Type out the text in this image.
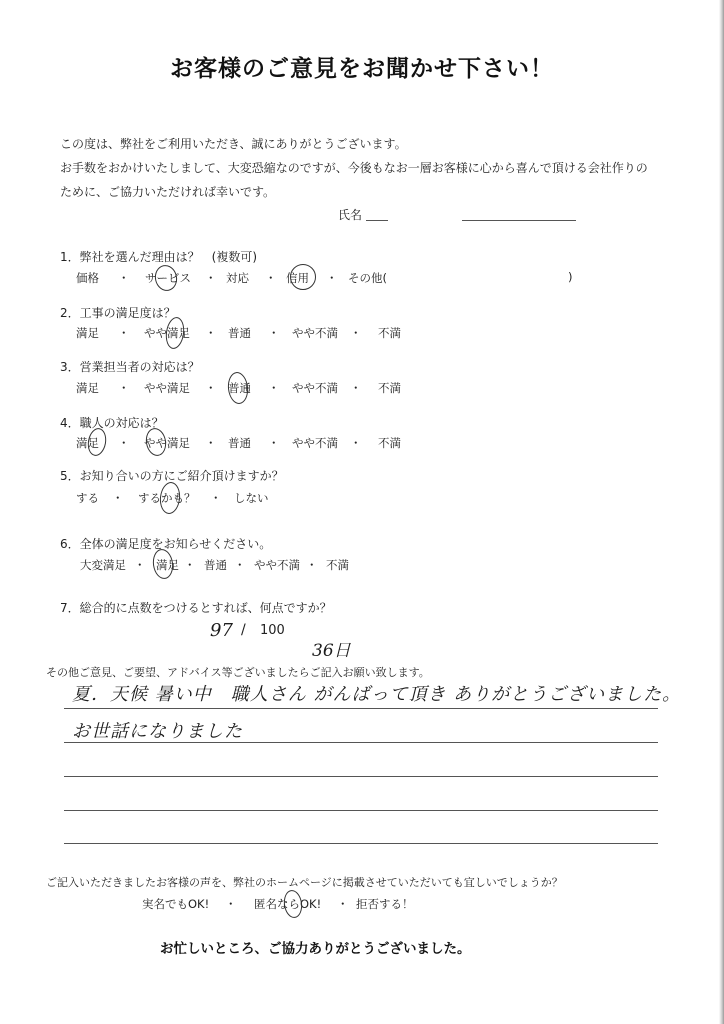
お客様のご意見をお聞かせ下さい！
この度は、弊社をご利用いただき、誠にありがとうございます。
お手数をおかけいたしまして、大変恐縮なのですが、今後もなお一層お客様に心から喜んで頂ける会社作りの
ために、ご協力いただければ幸いです。
氏名
1．弊社を選んだ理由は？　(複数可)
価格 ・ サービス ・ 対応 ・ 信用 ・ その他(	)
2．工事の満足度は？
満足 ・ やや満足 ・ 普通 ・ やや不満 ・ 不満
3．営業担当者の対応は？
満足 ・ やや満足 ・ 普通 ・ やや不満 ・ 不満
4．職人の対応は？
満足 ・ やや満足 ・ 普通 ・ やや不満 ・ 不満
5．お知り合いの方にご紹介頂けますか？
する ・ するかも？ ・ しない
6．全体の満足度をお知らせください。
大変満足 ・ 満足 ・ 普通 ・ やや不満 ・ 不満
7．総合的に点数をつけるとすれば、何点ですか？
97 / 100
36日
その他ご意見、ご要望、アドバイス等ございましたらご記入お願い致します。
夏．天候 暑い中　職人さん がんばって頂き ありがとうございました。
お世話になりました
ご記入いただきましたお客様の声を、弊社のホームページに掲載させていただいても宜しいでしょうか？
実名でもOK! ・ 匿名ならOK! ・ 拒否する！
お忙しいところ、ご協力ありがとうございました。
